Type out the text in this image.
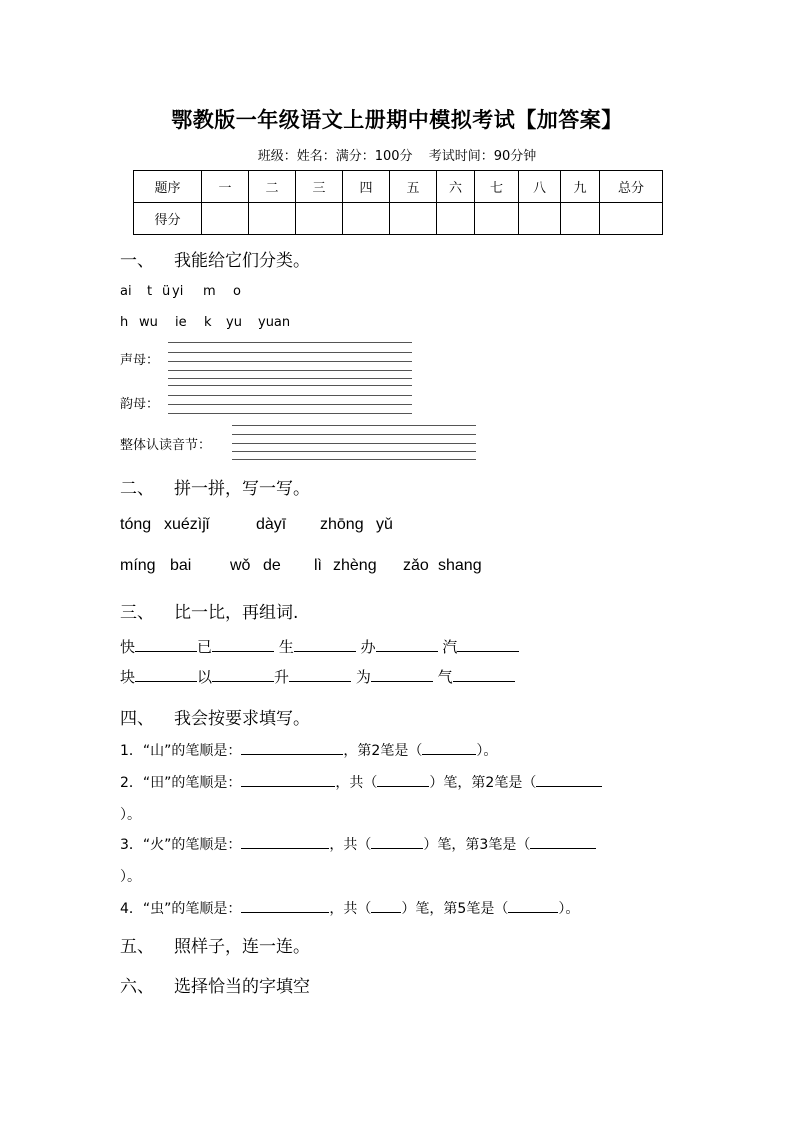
鄂教版一年级语文上册期中模拟考试【加答案】
班级：姓名：满分：100分 考试时间：90分钟
题序	一	二	三	四	五	六	七	八	九	总分
得分										
一、 我能给它们分类。
ai t ü yi m o
h wu ie k yu yuan
声母：
韵母：
整体认读音节：
二、 拼一拼，写一写。
tóng xuézìjǐ	dàyī zhōng yǔ
míng bai wǒ de lì zhèng zǎo shang
三、 比一比，再组词.
快	已	生	办	汽
块	以	升	为	气
四、 我会按要求填写。
1．“山”的笔顺是：	，第2笔是（	）。
2．“田”的笔顺是：	，共（	）笔，第2笔是（
）。
3．“火”的笔顺是：	，共（	）笔，第3笔是（
）。
4．“虫”的笔顺是：	，共（ ）笔，第5笔是（	）。
五、 照样子，连一连。
六、 选择恰当的字填空
